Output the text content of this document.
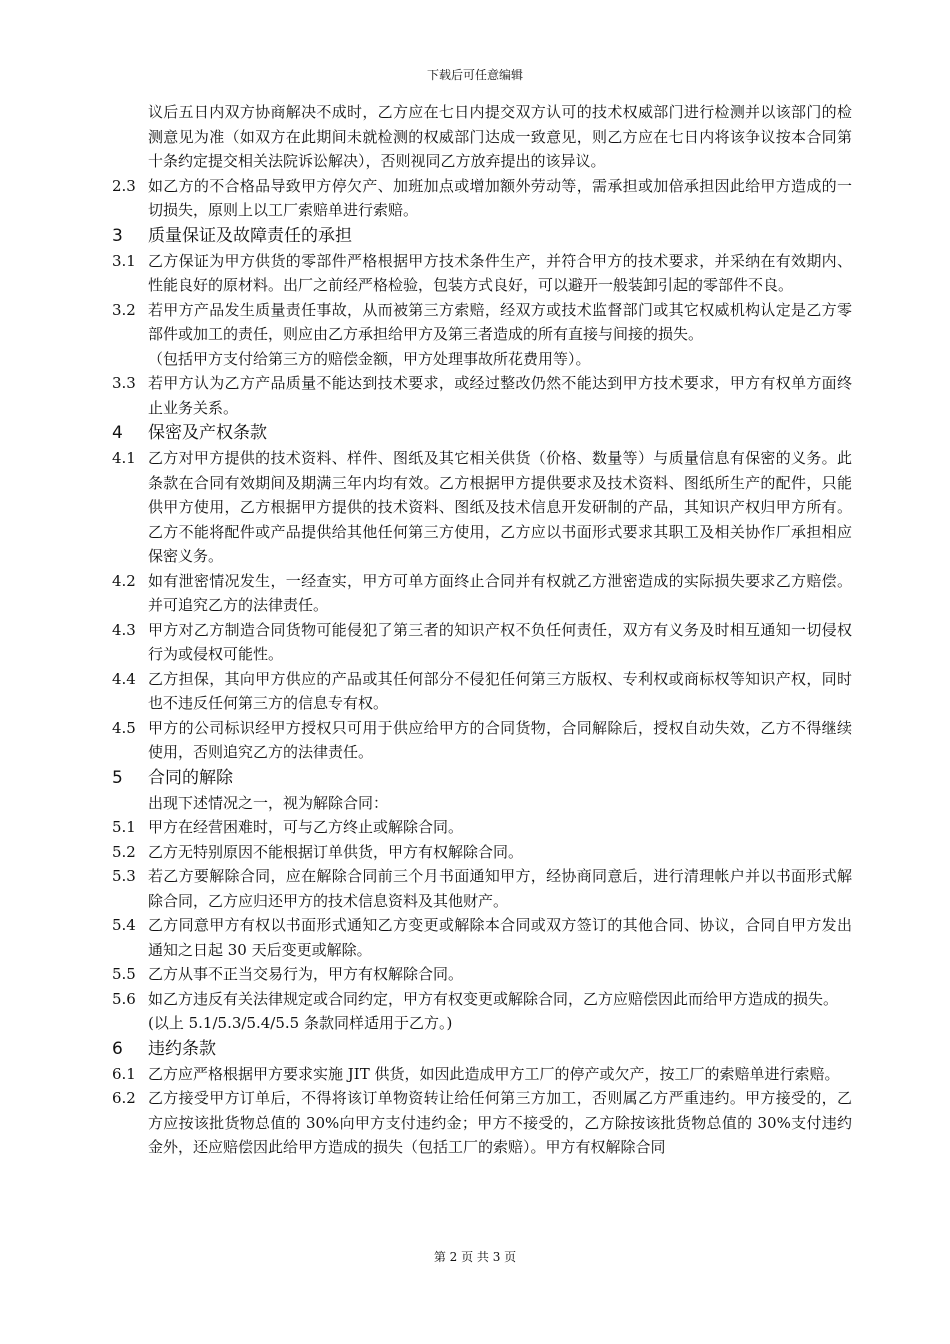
下载后可任意编辑

议后五日内双方协商解决不成时，乙方应在七日内提交双方认可的技术权威部门进行检测并以该部门的检测意见为准（如双方在此期间未就检测的权威部门达成一致意见，则乙方应在七日内将该争议按本合同第十条约定提交相关法院诉讼解决），否则视同乙方放弃提出的该异议。

2.3 如乙方的不合格品导致甲方停欠产、加班加点或增加额外劳动等，需承担或加倍承担因此给甲方造成的一切损失，原则上以工厂索赔单进行索赔。
3	质量保证及故障责任的承担
3.1 乙方保证为甲方供货的零部件严格根据甲方技术条件生产，并符合甲方的技术要求，并采纳在有效期内、性能良好的原材料。出厂之前经严格检验，包装方式良好，可以避开一般装卸引起的零部件不良。
3.2 若甲方产品发生质量责任事故，从而被第三方索赔，经双方或技术监督部门或其它权威机构认定是乙方零部件或加工的责任，则应由乙方承担给甲方及第三者造成的所有直接与间接的损失。
（包括甲方支付给第三方的赔偿金额，甲方处理事故所花费用等）。
3.3 若甲方认为乙方产品质量不能达到技术要求，或经过整改仍然不能达到甲方技术要求，甲方有权单方面终止业务关系。
4	保密及产权条款
4.1 乙方对甲方提供的技术资料、样件、图纸及其它相关供货（价格、数量等）与质量信息有保密的义务。此条款在合同有效期间及期满三年内均有效。乙方根据甲方提供要求及技术资料、图纸所生产的配件，只能供甲方使用，乙方根据甲方提供的技术资料、图纸及技术信息开发研制的产品，其知识产权归甲方所有。乙方不能将配件或产品提供给其他任何第三方使用，乙方应以书面形式要求其职工及相关协作厂承担相应保密义务。
4.2 如有泄密情况发生，一经查实，甲方可单方面终止合同并有权就乙方泄密造成的实际损失要求乙方赔偿。并可追究乙方的法律责任。
4.3 甲方对乙方制造合同货物可能侵犯了第三者的知识产权不负任何责任，双方有义务及时相互通知一切侵权行为或侵权可能性。
4.4 乙方担保，其向甲方供应的产品或其任何部分不侵犯任何第三方版权、专利权或商标权等知识产权，同时也不违反任何第三方的信息专有权。
4.5 甲方的公司标识经甲方授权只可用于供应给甲方的合同货物，合同解除后，授权自动失效，乙方不得继续使用，否则追究乙方的法律责任。
5	合同的解除
出现下述情况之一，视为解除合同：
5.1 甲方在经营困难时，可与乙方终止或解除合同。
5.2 乙方无特别原因不能根据订单供货，甲方有权解除合同。
5.3 若乙方要解除合同，应在解除合同前三个月书面通知甲方，经协商同意后，进行清理帐户并以书面形式解除合同，乙方应归还甲方的技术信息资料及其他财产。
5.4 乙方同意甲方有权以书面形式通知乙方变更或解除本合同或双方签订的其他合同、协议，合同自甲方发出通知之日起 30 天后变更或解除。
5.5 乙方从事不正当交易行为，甲方有权解除合同。
5.6 如乙方违反有关法律规定或合同约定，甲方有权变更或解除合同，乙方应赔偿因此而给甲方造成的损失。
(以上 5.1/5.3/5.4/5.5 条款同样适用于乙方。)
6	违约条款
6.1 乙方应严格根据甲方要求实施 JIT 供货，如因此造成甲方工厂的停产或欠产，按工厂的索赔单进行索赔。
6.2 乙方接受甲方订单后，不得将该订单物资转让给任何第三方加工，否则属乙方严重违约。甲方接受的，乙方应按该批货物总值的 30%向甲方支付违约金；甲方不接受的，乙方除按该批货物总值的 30%支付违约金外，还应赔偿因此给甲方造成的损失（包括工厂的索赔）。甲方有权解除合同
第 2 页 共 3 页
